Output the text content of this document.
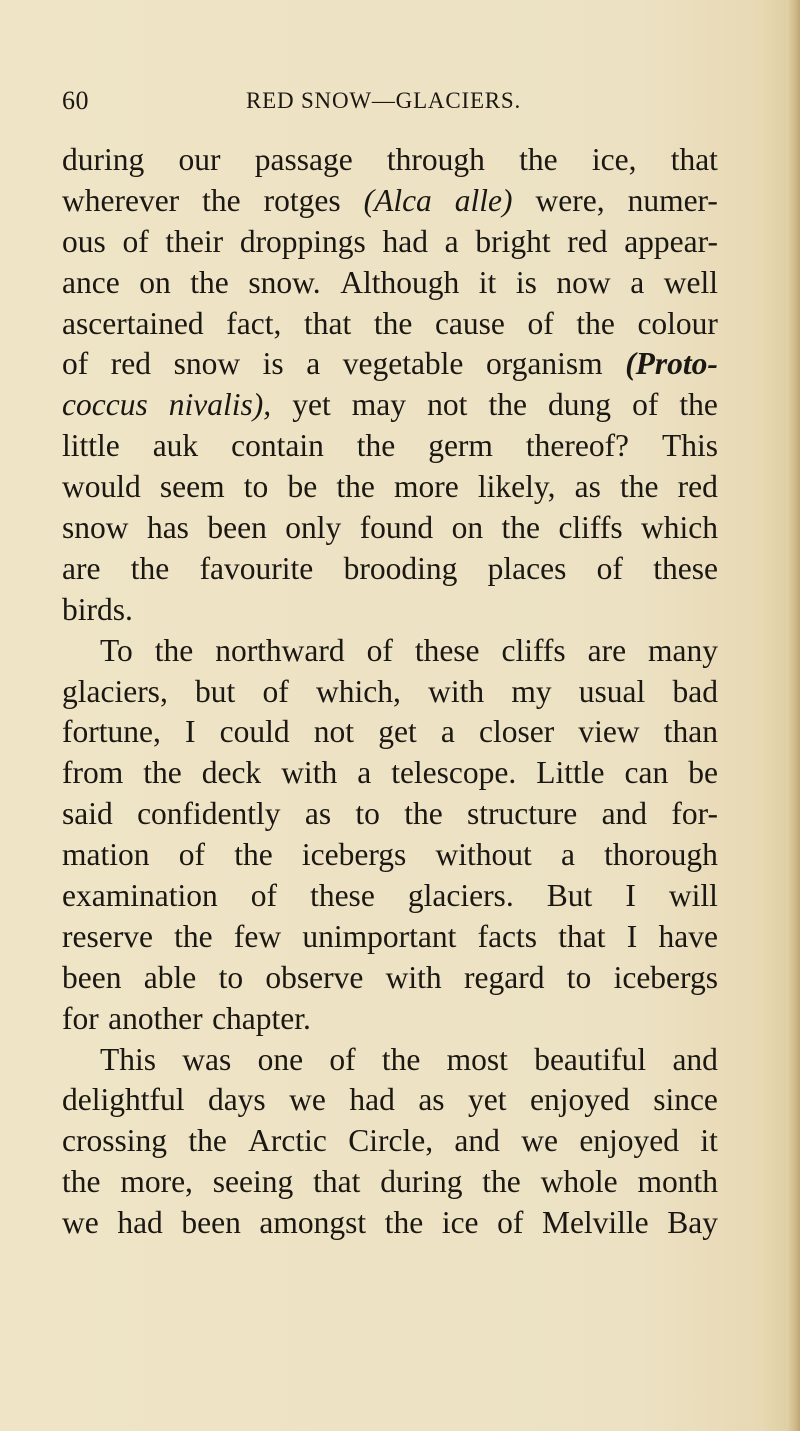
60	RED SNOW—GLACIERS.
during our passage through the ice, that
wherever the rotges (Alca alle) were, numer-
ous of their droppings had a bright red appear-
ance on the snow. Although it is now a well
ascertained fact, that the cause of the colour
of red snow is a vegetable organism (Proto-
coccus nivalis), yet may not the dung of the
little auk contain the germ thereof? This
would seem to be the more likely, as the red
snow has been only found on the cliffs which
are the favourite brooding places of these
birds.
To the northward of these cliffs are many
glaciers, but of which, with my usual bad
fortune, I could not get a closer view than
from the deck with a telescope. Little can be
said confidently as to the structure and for-
mation of the icebergs without a thorough
examination of these glaciers. But I will
reserve the few unimportant facts that I have
been able to observe with regard to icebergs
for another chapter.
This was one of the most beautiful and
delightful days we had as yet enjoyed since
crossing the Arctic Circle, and we enjoyed it
the more, seeing that during the whole month
we had been amongst the ice of Melville Bay
